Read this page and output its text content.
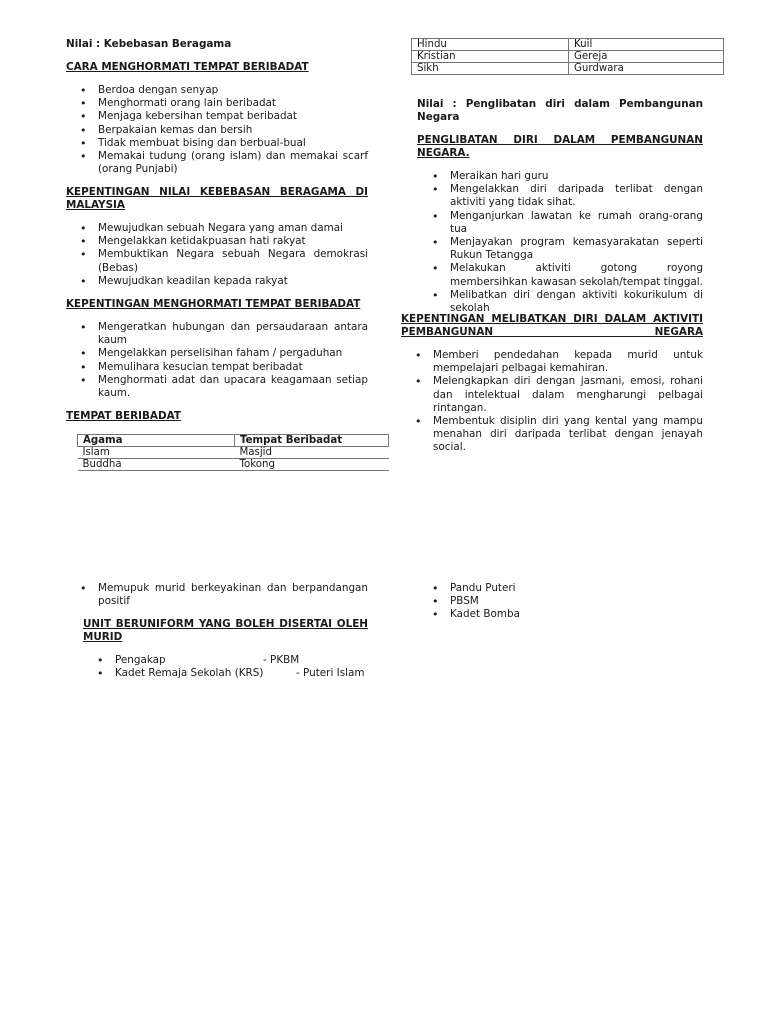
Nilai : Kebebasan Beragama
CARA MENGHORMATI TEMPAT BERIBADAT
• Berdoa dengan senyap
• Menghormati orang lain beribadat
• Menjaga kebersihan tempat beribadat
• Berpakaian kemas dan bersih
• Tidak membuat bising dan berbual-bual
• Memakai tudung (orang islam) dan memakai scarf (orang Punjabi)
KEPENTINGAN NILAI KEBEBASAN BERAGAMA DI MALAYSIA
• Mewujudkan sebuah Negara yang aman damai
• Mengelakkan ketidakpuasan hati rakyat
• Membuktikan Negara sebuah Negara demokrasi (Bebas)
• Mewujudkan keadilan kepada rakyat
KEPENTINGAN MENGHORMATI TEMPAT BERIBADAT
• Mengeratkan hubungan dan persaudaraan antara kaum
• Mengelakkan perselisihan faham / pergaduhan
• Memulihara kesucian tempat beribadat
• Menghormati adat dan upacara keagamaan setiap kaum.
TEMPAT BERIBADAT
Agama	Tempat Beribadat
Islam	Masjid
Buddha	Tokong
Hindu	Kuil
Kristian	Gereja
Sikh	Gurdwara
Nilai : Penglibatan diri dalam Pembangunan Negara
PENGLIBATAN DIRI DALAM PEMBANGUNAN NEGARA.
• Meraikan hari guru
• Mengelakkan diri daripada terlibat dengan aktiviti yang tidak sihat.
• Menganjurkan lawatan ke rumah orang-orang tua
• Menjayakan program kemasyarakatan seperti Rukun Tetangga
• Melakukan aktiviti gotong royong membersihkan kawasan sekolah/tempat tinggal.
• Melibatkan diri dengan aktiviti kokurikulum di sekolah
KEPENTINGAN MELIBATKAN DIRI DALAM AKTIVITI PEMBANGUNAN NEGARA
• Memberi pendedahan kepada murid untuk mempelajari pelbagai kemahiran.
• Melengkapkan diri dengan jasmani, emosi, rohani dan intelektual dalam mengharungi pelbagai rintangan.
• Membentuk disiplin diri yang kental yang mampu menahan diri daripada terlibat dengan jenayah social.
• Memupuk murid berkeyakinan dan berpandangan positif
UNIT BERUNIFORM YANG BOLEH DISERTAI OLEH MURID
• Pengakap	- PKBM
• Kadet Remaja Sekolah (KRS)	- Puteri Islam
• Pandu Puteri
• PBSM
• Kadet Bomba
